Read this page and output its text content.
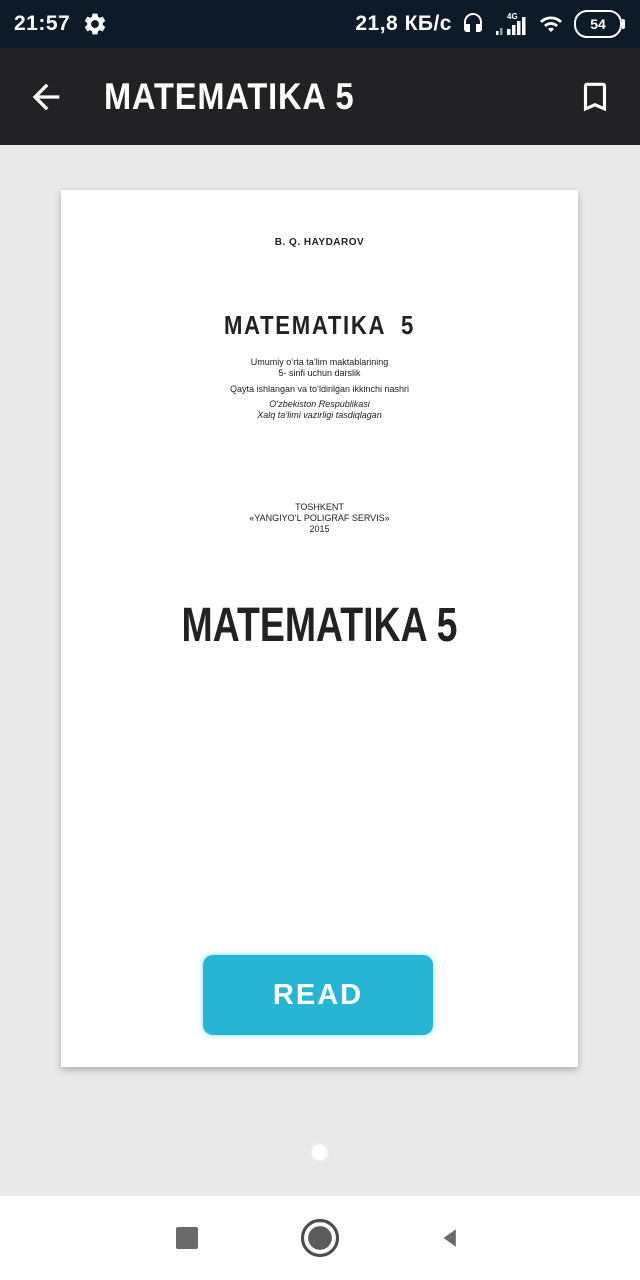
21:57	21,8 КБ/с	4G	54
MATEMATIKA 5
B. Q. HAYDAROV
MATEMATIKA  5
Umumiy o‘rta ta’lim maktablarining
5- sinfi uchun darslik
Qayta ishlangan va to‘ldirilgan ikkinchi nashri
O‘zbekiston Respublikasi
Xalq ta’limi vazirligi tasdiqlagan
TOSHKENT
«YANGIYO‘L POLIGRAF SERVIS»
2015
MATEMATIKA 5
READ
